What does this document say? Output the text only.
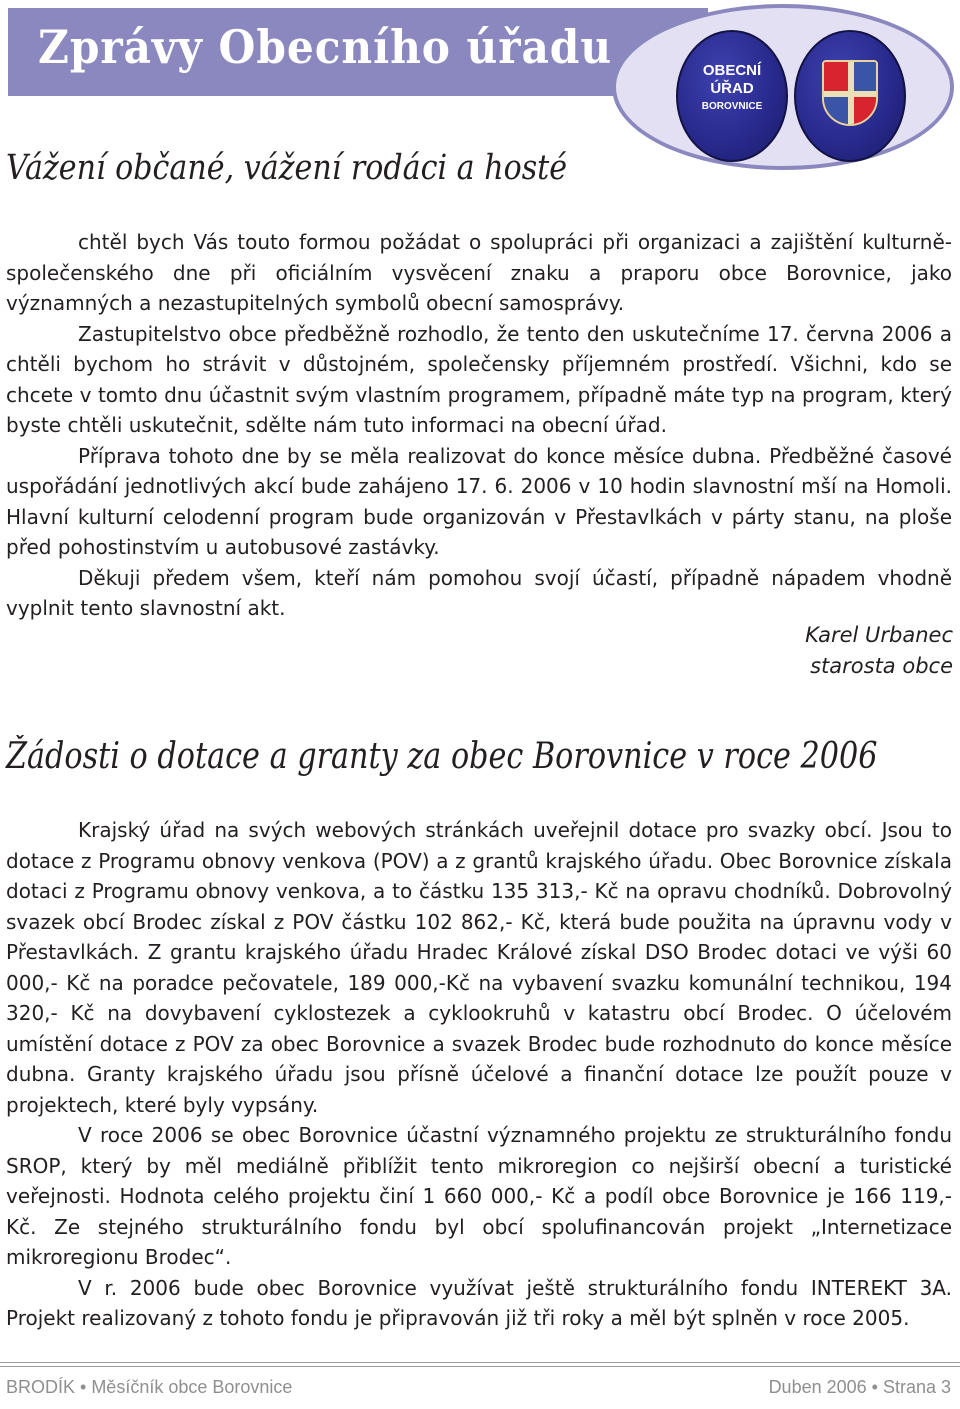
Zprávy Obecního úřadu	OBECNÍ
ÚŘAD
BOROVNICE
Vážení občané, vážení rodáci a hosté

chtěl bych Vás touto formou požádat o spolupráci při organizaci a zajištění kulturně-společenského dne při oficiálním vysvěcení znaku a praporu obce Borovnice, jako významných a nezastupitelných symbolů obecní samosprávy.

Zastupitelstvo obce předběžně rozhodlo, že tento den uskutečníme 17. června 2006 a chtěli bychom ho strávit v důstojném, společensky příjemném prostředí. Všichni, kdo se chcete v tomto dnu účastnit svým vlastním programem, případně máte typ na program, který byste chtěli uskutečnit, sdělte nám tuto informaci na obecní úřad.

Příprava tohoto dne by se měla realizovat do konce měsíce dubna. Předběžné časové uspořádání jednotlivých akcí bude zahájeno 17. 6. 2006 v 10 hodin slavnostní mší na Homoli. Hlavní kulturní celodenní program bude organizován v Přestavlkách v párty stanu, na ploše před pohostinstvím u autobusové zastávky.

Děkuji předem všem, kteří nám pomohou svojí účastí, případně nápadem vhodně vyplnit tento slavnostní akt.

Karel Urbanec
starosta obce
Žádosti o dotace a granty za obec Borovnice v roce 2006

Krajský úřad na svých webových stránkách uveřejnil dotace pro svazky obcí. Jsou to dotace z Programu obnovy venkova (POV) a z grantů krajského úřadu. Obec Borovnice získala dotaci z Programu obnovy venkova, a to částku 135 313,- Kč na opravu chodníků. Dobrovolný svazek obcí Brodec získal z POV částku 102 862,- Kč, která bude použita na úpravnu vody v Přestavlkách. Z grantu krajského úřadu Hradec Králové získal DSO Brodec dotaci ve výši 60 000,- Kč na poradce pečovatele, 189 000,-Kč na vybavení svazku komunální technikou, 194 320,- Kč na dovybavení cyklostezek a cyklookruhů v katastru obcí Brodec. O účelovém umístění dotace z POV za obec Borovnice a svazek Brodec bude rozhodnuto do konce měsíce dubna. Granty krajského úřadu jsou přísně účelové a finanční dotace lze použít pouze v projektech, které byly vypsány.

V roce 2006 se obec Borovnice účastní významného projektu ze strukturálního fondu SROP, který by měl mediálně přiblížit tento mikroregion co nejširší obecní a turistické veřejnosti. Hodnota celého projektu činí 1 660 000,- Kč a podíl obce Borovnice je 166 119,- Kč. Ze stejného strukturálního fondu byl obcí spolufinancován projekt „Internetizace mikroregionu Brodec“.

V r. 2006 bude obec Borovnice využívat ještě strukturálního fondu INTEREKT 3A. Projekt realizovaný z tohoto fondu je připravován již tři roky a měl být splněn v roce 2005.

BRODÍK • Měsíčník obce Borovnice	Duben 2006 • Strana 3
